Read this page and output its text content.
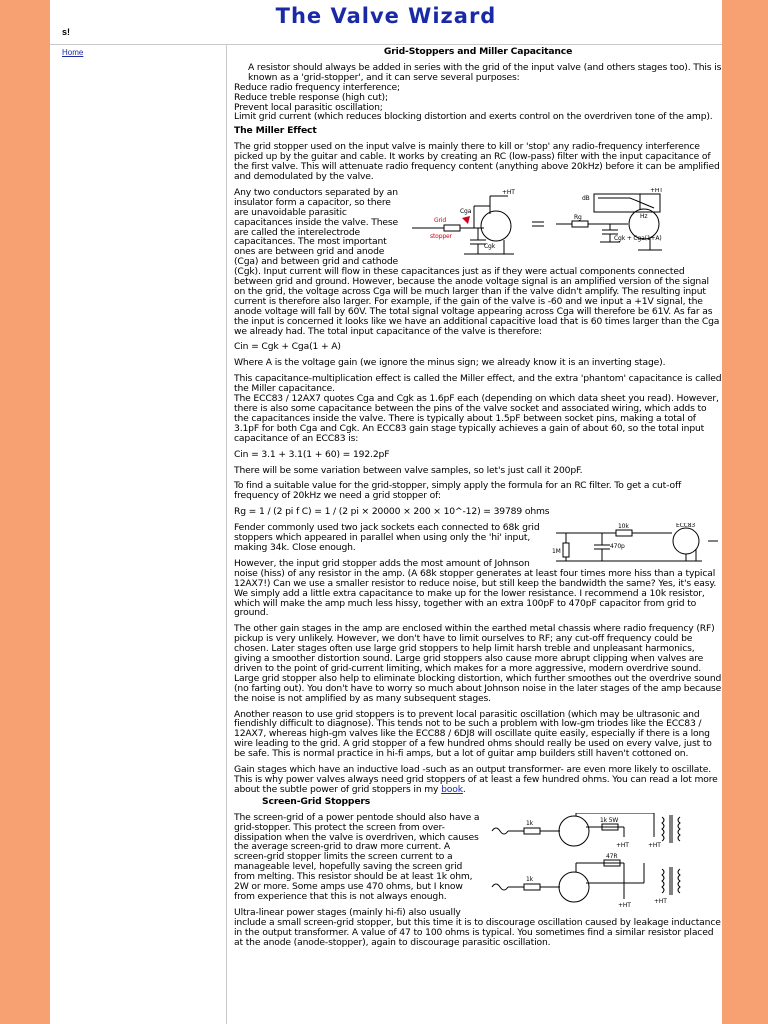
The Valve Wizard
s!
Home	Grid-Stoppers and Miller Capacitance

A resistor should always be added in series with the grid of the input valve (and others stages too). This is known as a 'grid-stopper', and it can serve several purposes:
Reduce radio frequency interference;
Reduce treble response (high cut);
Prevent local parasitic oscillation;
Limit grid current (which reduces blocking distortion and exerts control on the overdriven tone of the amp).

The Miller Effect

The grid stopper used on the input valve is mainly there to kill or 'stop' any radio-frequency interference picked up by the guitar and cable. It works by creating an RC (low-pass) filter with the input capacitance of the first valve. This will attenuate radio frequency content (anything above 20kHz) before it can be amplified and demodulated by the valve.

+HT
Cga
Grid
stopper
Cgk
Rg
dB
Hz
+HT
Cgk + Cga(1+A)

Any two conductors separated by an insulator form a capacitor, so there are unavoidable parasitic capacitances inside the valve. These are called the interelectrode capacitances. The most important ones are between grid and anode (Cga) and between grid and cathode (Cgk). Input current will flow in these capacitances just as if they were actual components connected between grid and ground. However, because the anode voltage signal is an amplified version of the signal on the grid, the voltage across Cga will be much larger than if the valve didn't amplify. The resulting input current is therefore also larger. For example, if the gain of the valve is -60 and we input a +1V signal, the anode voltage will fall by 60V. The total signal voltage appearing across Cga will therefore be 61V. As far as the input is concerned it looks like we have an additional capacitive load that is 60 times larger than the Cga we already had. The total input capacitance of the valve is therefore:

Cin = Cgk + Cga(1 + A)

Where A is the voltage gain (we ignore the minus sign; we already know it is an inverting stage).

This capacitance-multiplication effect is called the Miller effect, and the extra 'phantom' capacitance is called the Miller capacitance.

The ECC83 / 12AX7 quotes Cga and Cgk as 1.6pF each (depending on which data sheet you read). However, there is also some capacitance between the pins of the valve socket and associated wiring, which adds to the capacitances inside the valve. There is typically about 1.5pF between socket pins, making a total of 3.1pF for both Cga and Cgk. An ECC83 gain stage typically achieves a gain of about 60, so the total input capacitance of an ECC83 is:

Cin = 3.1 + 3.1(1 + 60) = 192.2pF

There will be some variation between valve samples, so let's just call it 200pF.

To find a suitable value for the grid-stopper, simply apply the formula for an RC filter. To get a cut-off frequency of 20kHz we need a grid stopper of:

Rg = 1 / (2 pi f C) = 1 / (2 pi × 20000 × 200 × 10^-12) = 39789 ohms

10k	ECC83
1M
470p

Fender commonly used two jack sockets each connected to 68k grid stoppers which appeared in parallel when using only the 'hi' input, making 34k. Close enough.

However, the input grid stopper adds the most amount of Johnson noise (hiss) of any resistor in the amp. (A 68k stopper generates at least four times more hiss than a typical 12AX7!) Can we use a smaller resistor to reduce noise, but still keep the bandwidth the same? Yes, it's easy. We simply add a little extra capacitance to make up for the lower resistance. I recommend a 10k resistor, which will make the amp much less hissy, together with an extra 100pF to 470pF capacitor from grid to ground.

The other gain stages in the amp are enclosed within the earthed metal chassis where radio frequency (RF) pickup is very unlikely. However, we don't have to limit ourselves to RF; any cut-off frequency could be chosen. Later stages often use large grid stoppers to help limit harsh treble and unpleasant harmonics, giving a smoother distortion sound. Large grid stoppers also cause more abrupt clipping when valves are driven to the point of grid-current limiting, which makes for a more aggressive, modern overdrive sound. Large grid stopper also help to eliminate blocking distortion, which further smoothes out the overdrive sound (no farting out). You don't have to worry so much about Johnson noise in the later stages of the amp because the noise is not amplified by as many subsequent stages.

Another reason to use grid stoppers is to prevent local parasitic oscillation (which may be ultrasonic and fiendishly difficult to diagnose). This tends not to be such a problem with low-gm triodes like the ECC83 / 12AX7, whereas high-gm valves like the ECC88 / 6DJ8 will oscillate quite easily, especially if there is a long wire leading to the grid. A grid stopper of a few hundred ohms should really be used on every valve, just to be safe. This is normal practice in hi-fi amps, but a lot of guitar amp builders still haven't cottoned on.

Gain stages which have an inductive load -such as an output transformer- are even more likely to oscillate. This is why power valves always need grid stoppers of at least a few hundred ohms. You can read a lot more about the subtle power of grid stoppers in my book.

Screen-Grid Stoppers

1k
+HT
1k 5W
+HT
1k
47R
+HT
+HT

The screen-grid of a power pentode should also have a grid-stopper. This protect the screen from over-dissipation when the valve is overdriven, which causes the average screen-grid to draw more current. A screen-grid stopper limits the screen current to a manageable level, hopefully saving the screen grid from melting. This resistor should be at least 1k ohm, 2W or more. Some amps use 470 ohms, but I know from experience that this is not always enough.

Ultra-linear power stages (mainly hi-fi) also usually include a small screen-grid stopper, but this time it is to discourage oscillation caused by leakage inductance in the output transformer. A value of 47 to 100 ohms is typical. You sometimes find a similar resistor placed at the anode (anode-stopper), again to discourage parasitic oscillation.
